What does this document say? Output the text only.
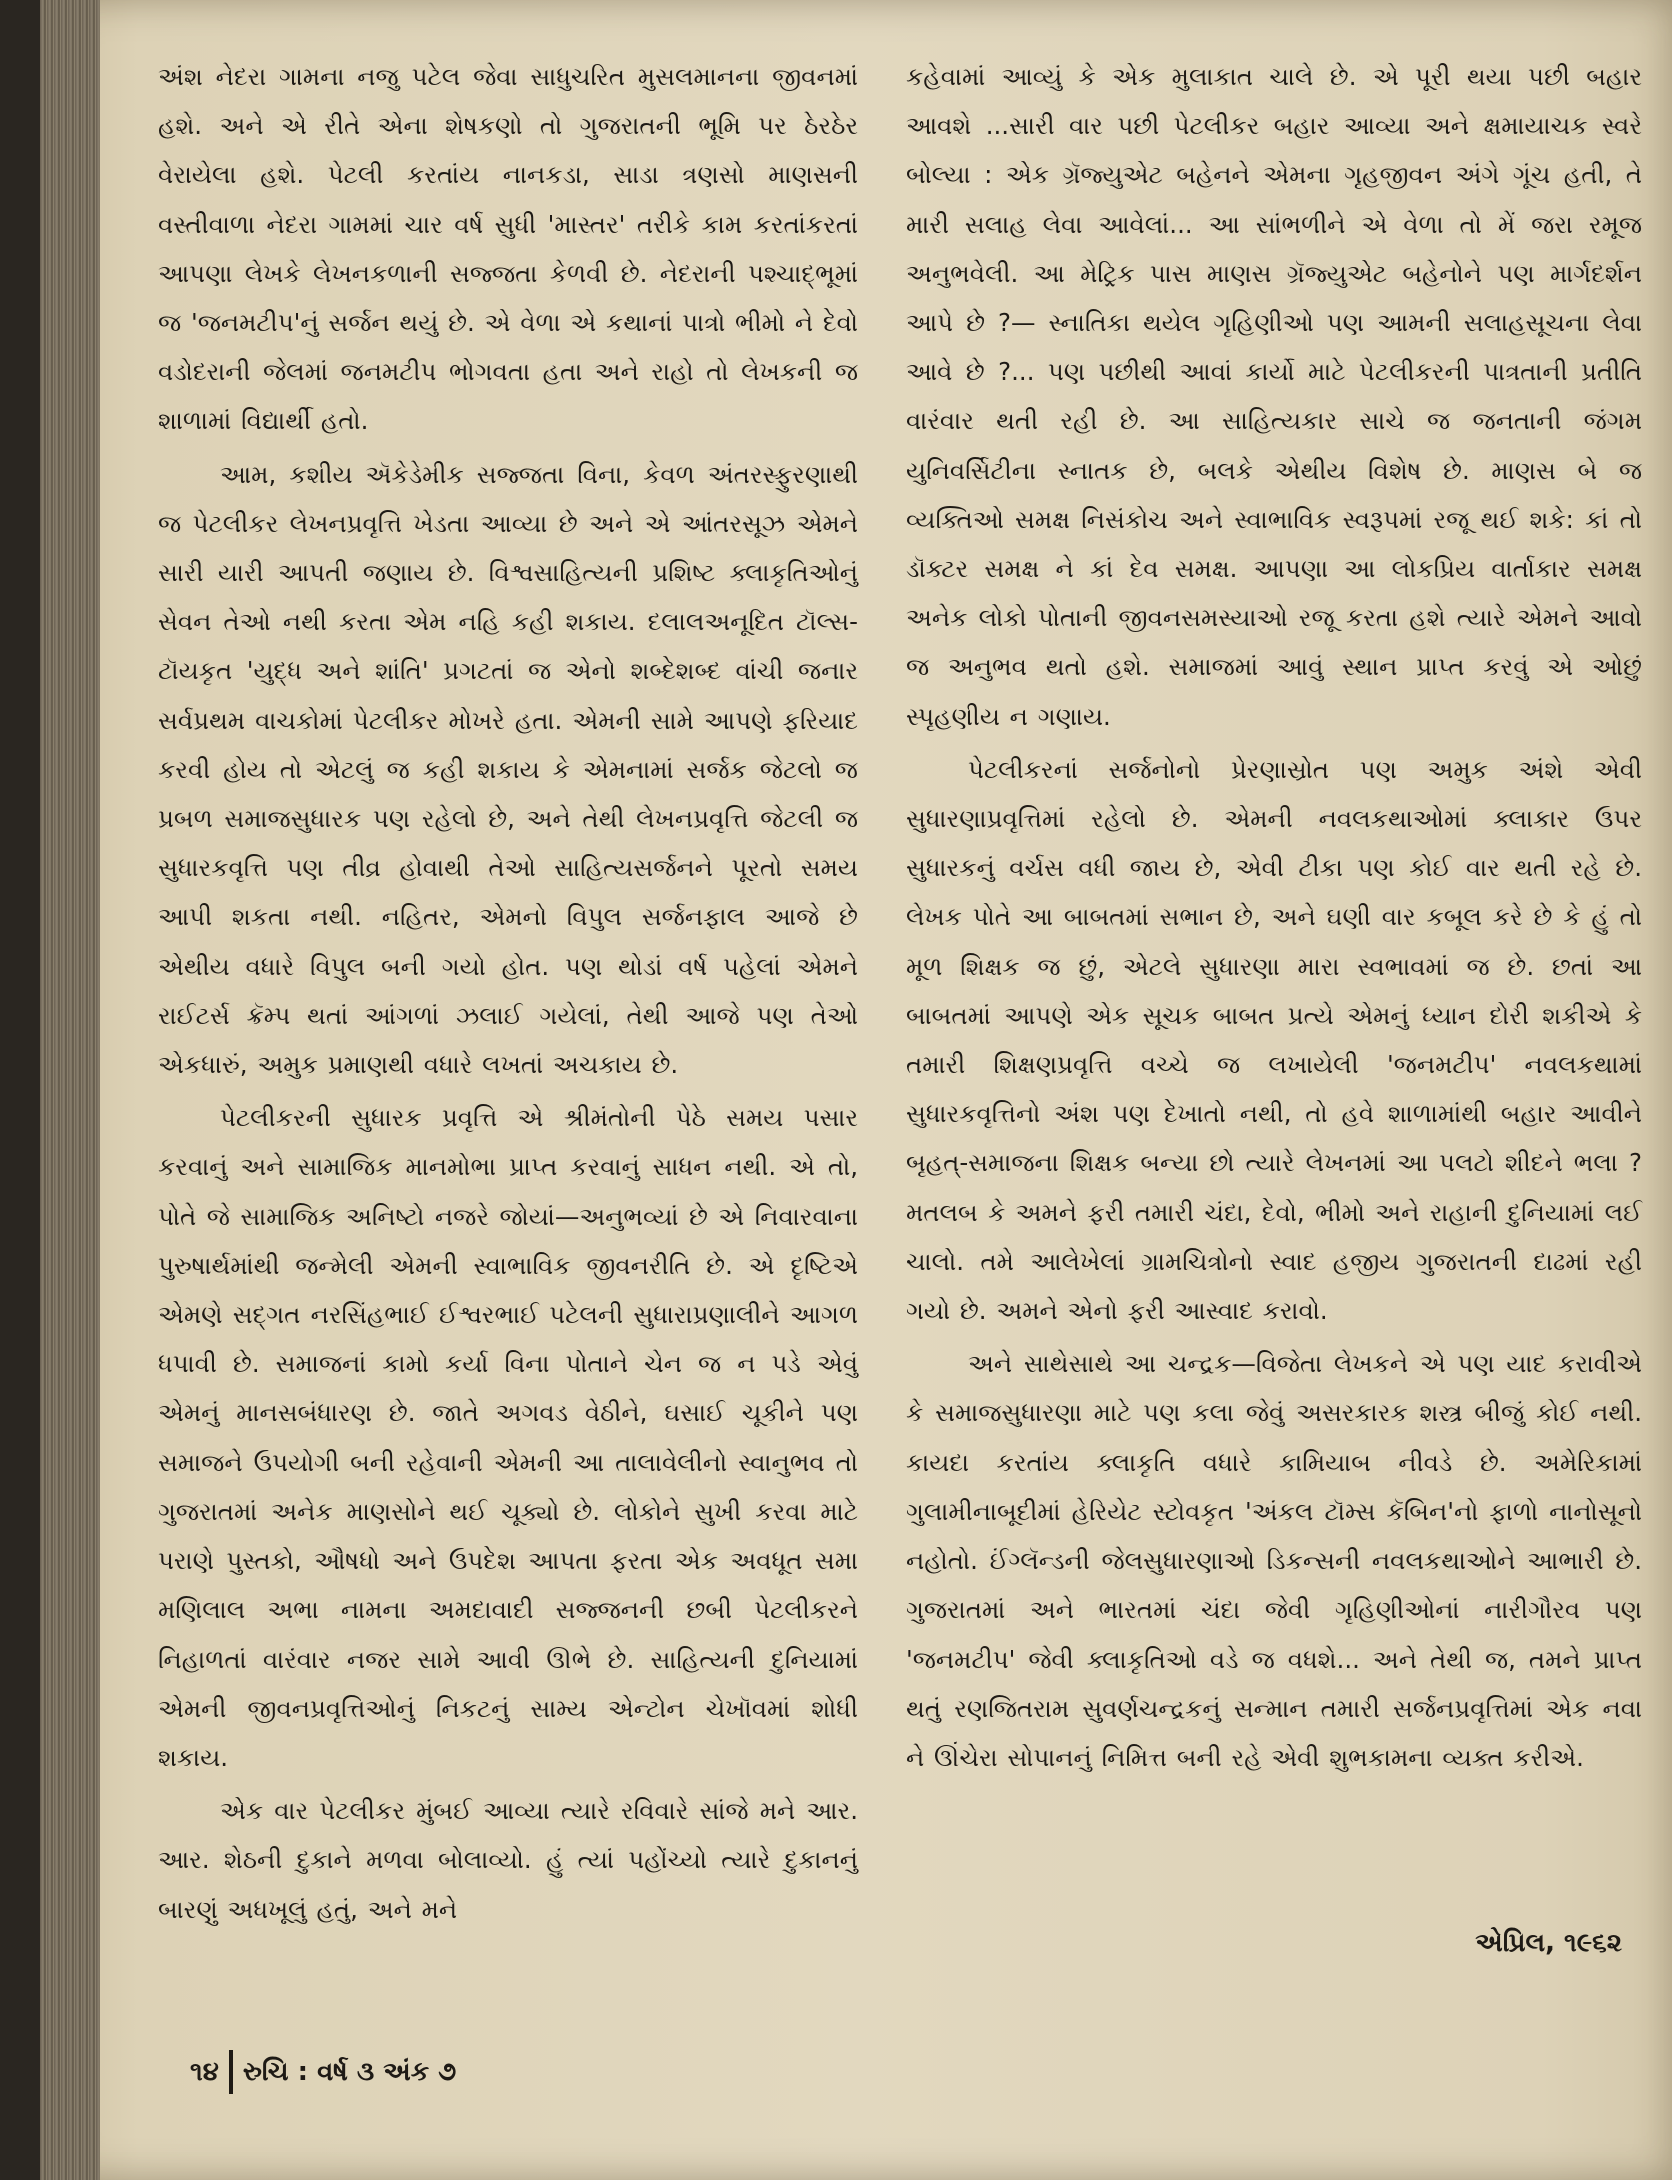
અંશ નેદરા ગામના નજુ પટેલ જેવા સાધુચરિત મુસલમાનના જીવનમાં હશે. અને એ રીતે એના શેષકણો તો ગુજરાતની ભૂમિ પર ઠેરઠેર વેરાયેલા હશે. પેટલી કરતાંય નાનકડા, સાડા ત્રણસો માણસની વસ્તીવાળા નેદરા ગામમાં ચાર વર્ષ સુધી 'માસ્તર' તરીકે કામ કરતાંકરતાં આપણા લેખકે લેખનકળાની સજ્જતા કેળવી છે. નેદરાની પશ્ચાદ્ભૂમાં જ 'જનમટીપ'નું સર્જન થયું છે. એ વેળા એ કથાનાં પાત્રો ભીમો ને દેવો વડોદરાની જેલમાં જનમટીપ ભોગવતા હતા અને રાહો તો લેખકની જ શાળામાં વિદ્યાર્થી હતો.

આમ, કશીય ઍકેડેમીક સજ્જતા વિના, કેવળ અંતરસ્ફુરણાથી જ પેટલીકર લેખનપ્રવૃત્તિ ખેડતા આવ્યા છે અને એ આંતરસૂઝ એમને સારી યારી આપતી જણાય છે. વિશ્વસાહિત્યની પ્રશિષ્ટ ક્લાકૃતિઓનું સેવન તેઓ નથી કરતા એમ નહિ કહી શકાય. દલાલઅનૂદિત ટૉલ્સ-ટૉયકૃત 'યુદ્ધ અને શાંતિ' પ્રગટતાં જ એનો શબ્દેશબ્દ વાંચી જનાર સર્વપ્રથમ વાચકોમાં પેટલીકર મોખરે હતા. એમની સામે આપણે ફરિયાદ કરવી હોય તો એટલું જ કહી શકાય કે એમનામાં સર્જક જેટલો જ પ્રબળ સમાજસુધારક પણ રહેલો છે, અને તેથી લેખનપ્રવૃત્તિ જેટલી જ સુધારકવૃત્તિ પણ તીવ્ર હોવાથી તેઓ સાહિત્યસર્જનને પૂરતો સમય આપી શકતા નથી. નહિતર, એમનો વિપુલ સર્જનફાલ આજે છે એથીય વધારે વિપુલ બની ગયો હોત. પણ થોડાં વર્ષ પહેલાં એમને રાઈટર્સ ક્રૅમ્પ થતાં આંગળાં ઝલાઈ ગયેલાં, તેથી આજે પણ તેઓ એકધારું, અમુક પ્રમાણથી વધારે લખતાં અચકાય છે.

પેટલીકરની સુધારક પ્રવૃત્તિ એ શ્રીમંતોની પેઠે સમય પસાર કરવાનું અને સામાજિક માનમોભા પ્રાપ્ત કરવાનું સાધન નથી. એ તો, પોતે જે સામાજિક અનિષ્ટો નજરે જોયાં—અનુભવ્યાં છે એ નિવારવાના પુરુષાર્થમાંથી જન્મેલી એમની સ્વાભાવિક જીવનરીતિ છે. એ દૃષ્ટિએ એમણે સદ્ગત નરસિંહભાઈ ઈશ્વરભાઈ પટેલની સુધારાપ્રણાલીને આગળ ધપાવી છે. સમાજનાં કામો કર્યા વિના પોતાને ચેન જ ન પડે એવું એમનું માનસબંધારણ છે. જાતે અગવડ વેઠીને, ઘસાઈ ચૂકીને પણ સમાજને ઉપયોગી બની રહેવાની એમની આ તાલાવેલીનો સ્વાનુભવ તો ગુજરાતમાં અનેક માણસોને થઈ ચૂક્યો છે. લોકોને સુખી કરવા માટે પરાણે પુસ્તકો, ઔષધો અને ઉપદેશ આપતા ફરતા એક અવધૂત સમા મણિલાલ અભા નામના અમદાવાદી સજ્જનની છબી પેટલીકરને નિહાળતાં વારંવાર નજર સામે આવી ઊભે છે. સાહિત્યની દુનિયામાં એમની જીવનપ્રવૃત્તિઓનું નિકટનું સામ્ય એન્ટોન ચેખૉવમાં શોધી શકાય.

એક વાર પેટલીકર મુંબઈ આવ્યા ત્યારે રવિવારે સાંજે મને આર. આર. શેઠની દુકાને મળવા બોલાવ્યો. હું ત્યાં પહોંચ્યો ત્યારે દુકાનનું બારણું અધખૂલું હતું, અને મને

કહેવામાં આવ્યું કે એક મુલાકાત ચાલે છે. એ પૂરી થયા પછી બહાર આવશે ...સારી વાર પછી પેટલીકર બહાર આવ્યા અને ક્ષમાયાચક સ્વરે બોલ્યા : એક ગ્રૅજ્યુએટ બહેનને એમના ગૃહજીવન અંગે ગૂંચ હતી, તે મારી સલાહ લેવા આવેલાં... આ સાંભળીને એ વેળા તો મેં જરા રમૂજ અનુભવેલી. આ મેટ્રિક પાસ માણસ ગ્રૅજ્યુએટ બહેનોને પણ માર્ગદર્શન આપે છે ?— સ્નાતિકા થયેલ ગૃહિણીઓ પણ આમની સલાહસૂચના લેવા આવે છે ?... પણ પછીથી આવાં કાર્યો માટે પેટલીકરની પાત્રતાની પ્રતીતિ વારંવાર થતી રહી છે. આ સાહિત્યકાર સાચે જ જનતાની જંગમ યુનિવર્સિટીના સ્નાતક છે, બલકે એથીય વિશેષ છે. માણસ બે જ વ્યક્તિઓ સમક્ષ નિસંકોચ અને સ્વાભાવિક સ્વરૂપમાં રજૂ થઈ શકે: કાં તો ડૉક્ટર સમક્ષ ને કાં દેવ સમક્ષ. આપણા આ લોકપ્રિય વાર્તાકાર સમક્ષ અનેક લોકો પોતાની જીવનસમસ્યાઓ રજૂ કરતા હશે ત્યારે એમને આવો જ અનુભવ થતો હશે. સમાજમાં આવું સ્થાન પ્રાપ્ત કરવું એ ઓછું સ્પૃહણીય ન ગણાય.

પેટલીકરનાં સર્જનોનો પ્રેરણાસ્રોત પણ અમુક અંશે એવી સુધારણાપ્રવૃત્તિમાં રહેલો છે. એમની નવલકથાઓમાં ક્લાકાર ઉપર સુધારકનું વર્ચસ વધી જાય છે, એવી ટીકા પણ કોઈ વાર થતી રહે છે. લેખક પોતે આ બાબતમાં સભાન છે, અને ઘણી વાર કબૂલ કરે છે કે હું તો મૂળ શિક્ષક જ છું, એટલે સુધારણા મારા સ્વભાવમાં જ છે. છતાં આ બાબતમાં આપણે એક સૂચક બાબત પ્રત્યે એમનું ધ્યાન દોરી શકીએ કે તમારી શિક્ષણપ્રવૃત્તિ વચ્ચે જ લખાયેલી 'જનમટીપ' નવલકથામાં સુધારકવૃત્તિનો અંશ પણ દેખાતો નથી, તો હવે શાળામાંથી બહાર આવીને બૃહત્-સમાજના શિક્ષક બન્યા છો ત્યારે લેખનમાં આ પલટો શીદને ભલા ? મતલબ કે અમને ફરી તમારી ચંદા, દેવો, ભીમો અને રાહાની દુનિયામાં લઈ ચાલો. તમે આલેખેલાં ગ્રામચિત્રોનો સ્વાદ હજીય ગુજરાતની દાઢમાં રહી ગયો છે. અમને એનો ફરી આસ્વાદ કરાવો.

અને સાથેસાથે આ ચન્દ્રક—વિજેતા લેખકને એ પણ યાદ કરાવીએ કે સમાજસુધારણા માટે પણ કલા જેવું અસરકારક શસ્ત્ર બીજું કોઈ નથી. કાયદા કરતાંય ક્લાકૃતિ વધારે કામિયાબ નીવડે છે. અમેરિકામાં ગુલામીનાબૂદીમાં હેરિયેટ સ્ટોવકૃત 'અંકલ ટૉમ્સ કૅબિન'નો ફાળો નાનોસૂનો નહોતો. ઈંગ્લૅન્ડની જેલસુધારણાઓ ડિકન્સની નવલકથાઓને આભારી છે. ગુજરાતમાં અને ભારતમાં ચંદા જેવી ગૃહિણીઓનાં નારીગૌરવ પણ 'જનમટીપ' જેવી ક્લાકૃતિઓ વડે જ વધશે... અને તેથી જ, તમને પ્રાપ્ત થતું રણજિતરામ સુવર્ણચન્દ્રકનું સન્માન તમારી સર્જનપ્રવૃત્તિમાં એક નવા ને ઊંચેરા સોપાનનું નિમિત્ત બની રહે એવી શુભકામના વ્યક્ત કરીએ.

એપ્રિલ, ૧૯૬૨
૧૪ રુચિ : વર્ષ ૩ અંક ૭
